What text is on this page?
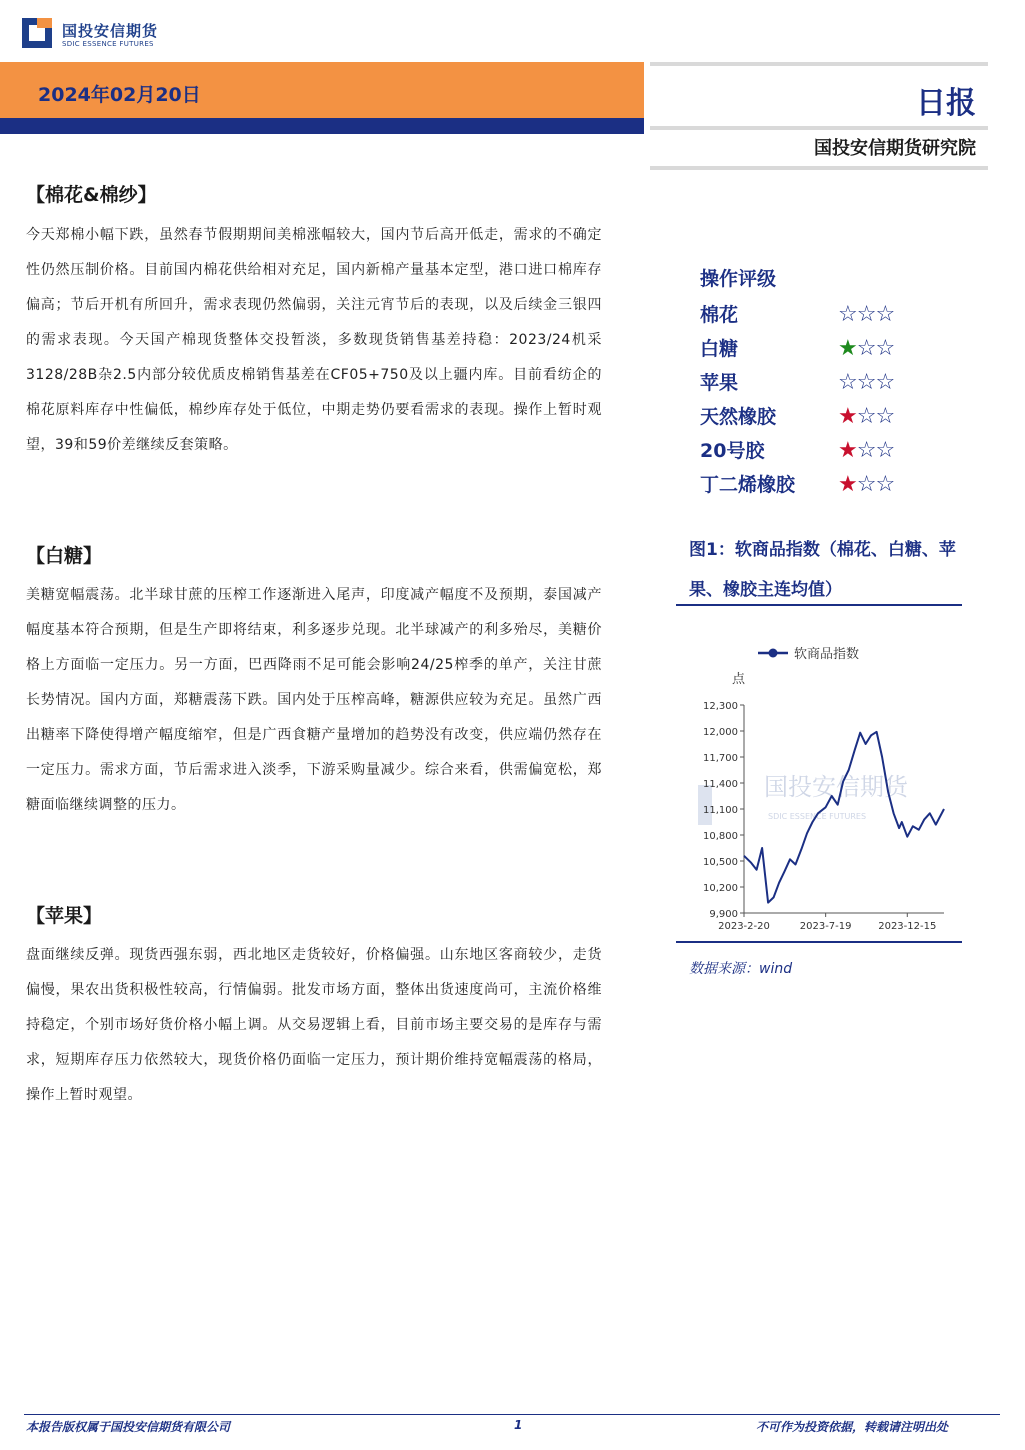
国投安信期货
SDIC ESSENCE FUTURES
2024年02月20日	日报
国投安信期货研究院
【棉花&棉纱】
今天郑棉小幅下跌，虽然春节假期期间美棉涨幅较大，国内节后高开低走，需求的不确定性仍然压制价格。目前国内棉花供给相对充足，国内新棉产量基本定型，港口进口棉库存偏高；节后开机有所回升，需求表现仍然偏弱，关注元宵节后的表现，以及后续金三银四的需求表现。今天国产棉现货整体交投暂淡，多数现货销售基差持稳：2023/24机采3128/28B杂2.5内部分较优质皮棉销售基差在CF05+750及以上疆内库。目前看纺企的棉花原料库存中性偏低，棉纱库存处于低位，中期走势仍要看需求的表现。操作上暂时观望，39和59价差继续反套策略。
【白糖】
美糖宽幅震荡。北半球甘蔗的压榨工作逐渐进入尾声，印度减产幅度不及预期，泰国减产幅度基本符合预期，但是生产即将结束，利多逐步兑现。北半球减产的利多殆尽，美糖价格上方面临一定压力。另一方面，巴西降雨不足可能会影响24/25榨季的单产，关注甘蔗长势情况。国内方面，郑糖震荡下跌。国内处于压榨高峰，糖源供应较为充足。虽然广西出糖率下降使得增产幅度缩窄，但是广西食糖产量增加的趋势没有改变，供应端仍然存在一定压力。需求方面，节后需求进入淡季，下游采购量减少。综合来看，供需偏宽松，郑糖面临继续调整的压力。
【苹果】
盘面继续反弹。现货西强东弱，西北地区走货较好，价格偏强。山东地区客商较少，走货偏慢，果农出货积极性较高，行情偏弱。批发市场方面，整体出货速度尚可，主流价格维持稳定，个别市场好货价格小幅上调。从交易逻辑上看，目前市场主要交易的是库存与需求，短期库存压力依然较大，现货价格仍面临一定压力，预计期价维持宽幅震荡的格局，操作上暂时观望。
操作评级
棉花	☆☆☆
白糖	★☆☆
苹果	☆☆☆
天然橡胶	★☆☆
20号胶	★☆☆
丁二烯橡胶	★☆☆
图1：软商品指数（棉花、白糖、苹果、橡胶主连均值）
国投安信期货
SDIC ESSENCE FUTURES
软商品指数
点
9,900
10,200
10,500
10,800
11,100
11,400
11,700
12,000
12,300
2023-2-20	2023-7-19	2023-12-15
数据来源：wind
本报告版权属于国投安信期货有限公司	1	不可作为投资依据，转载请注明出处
